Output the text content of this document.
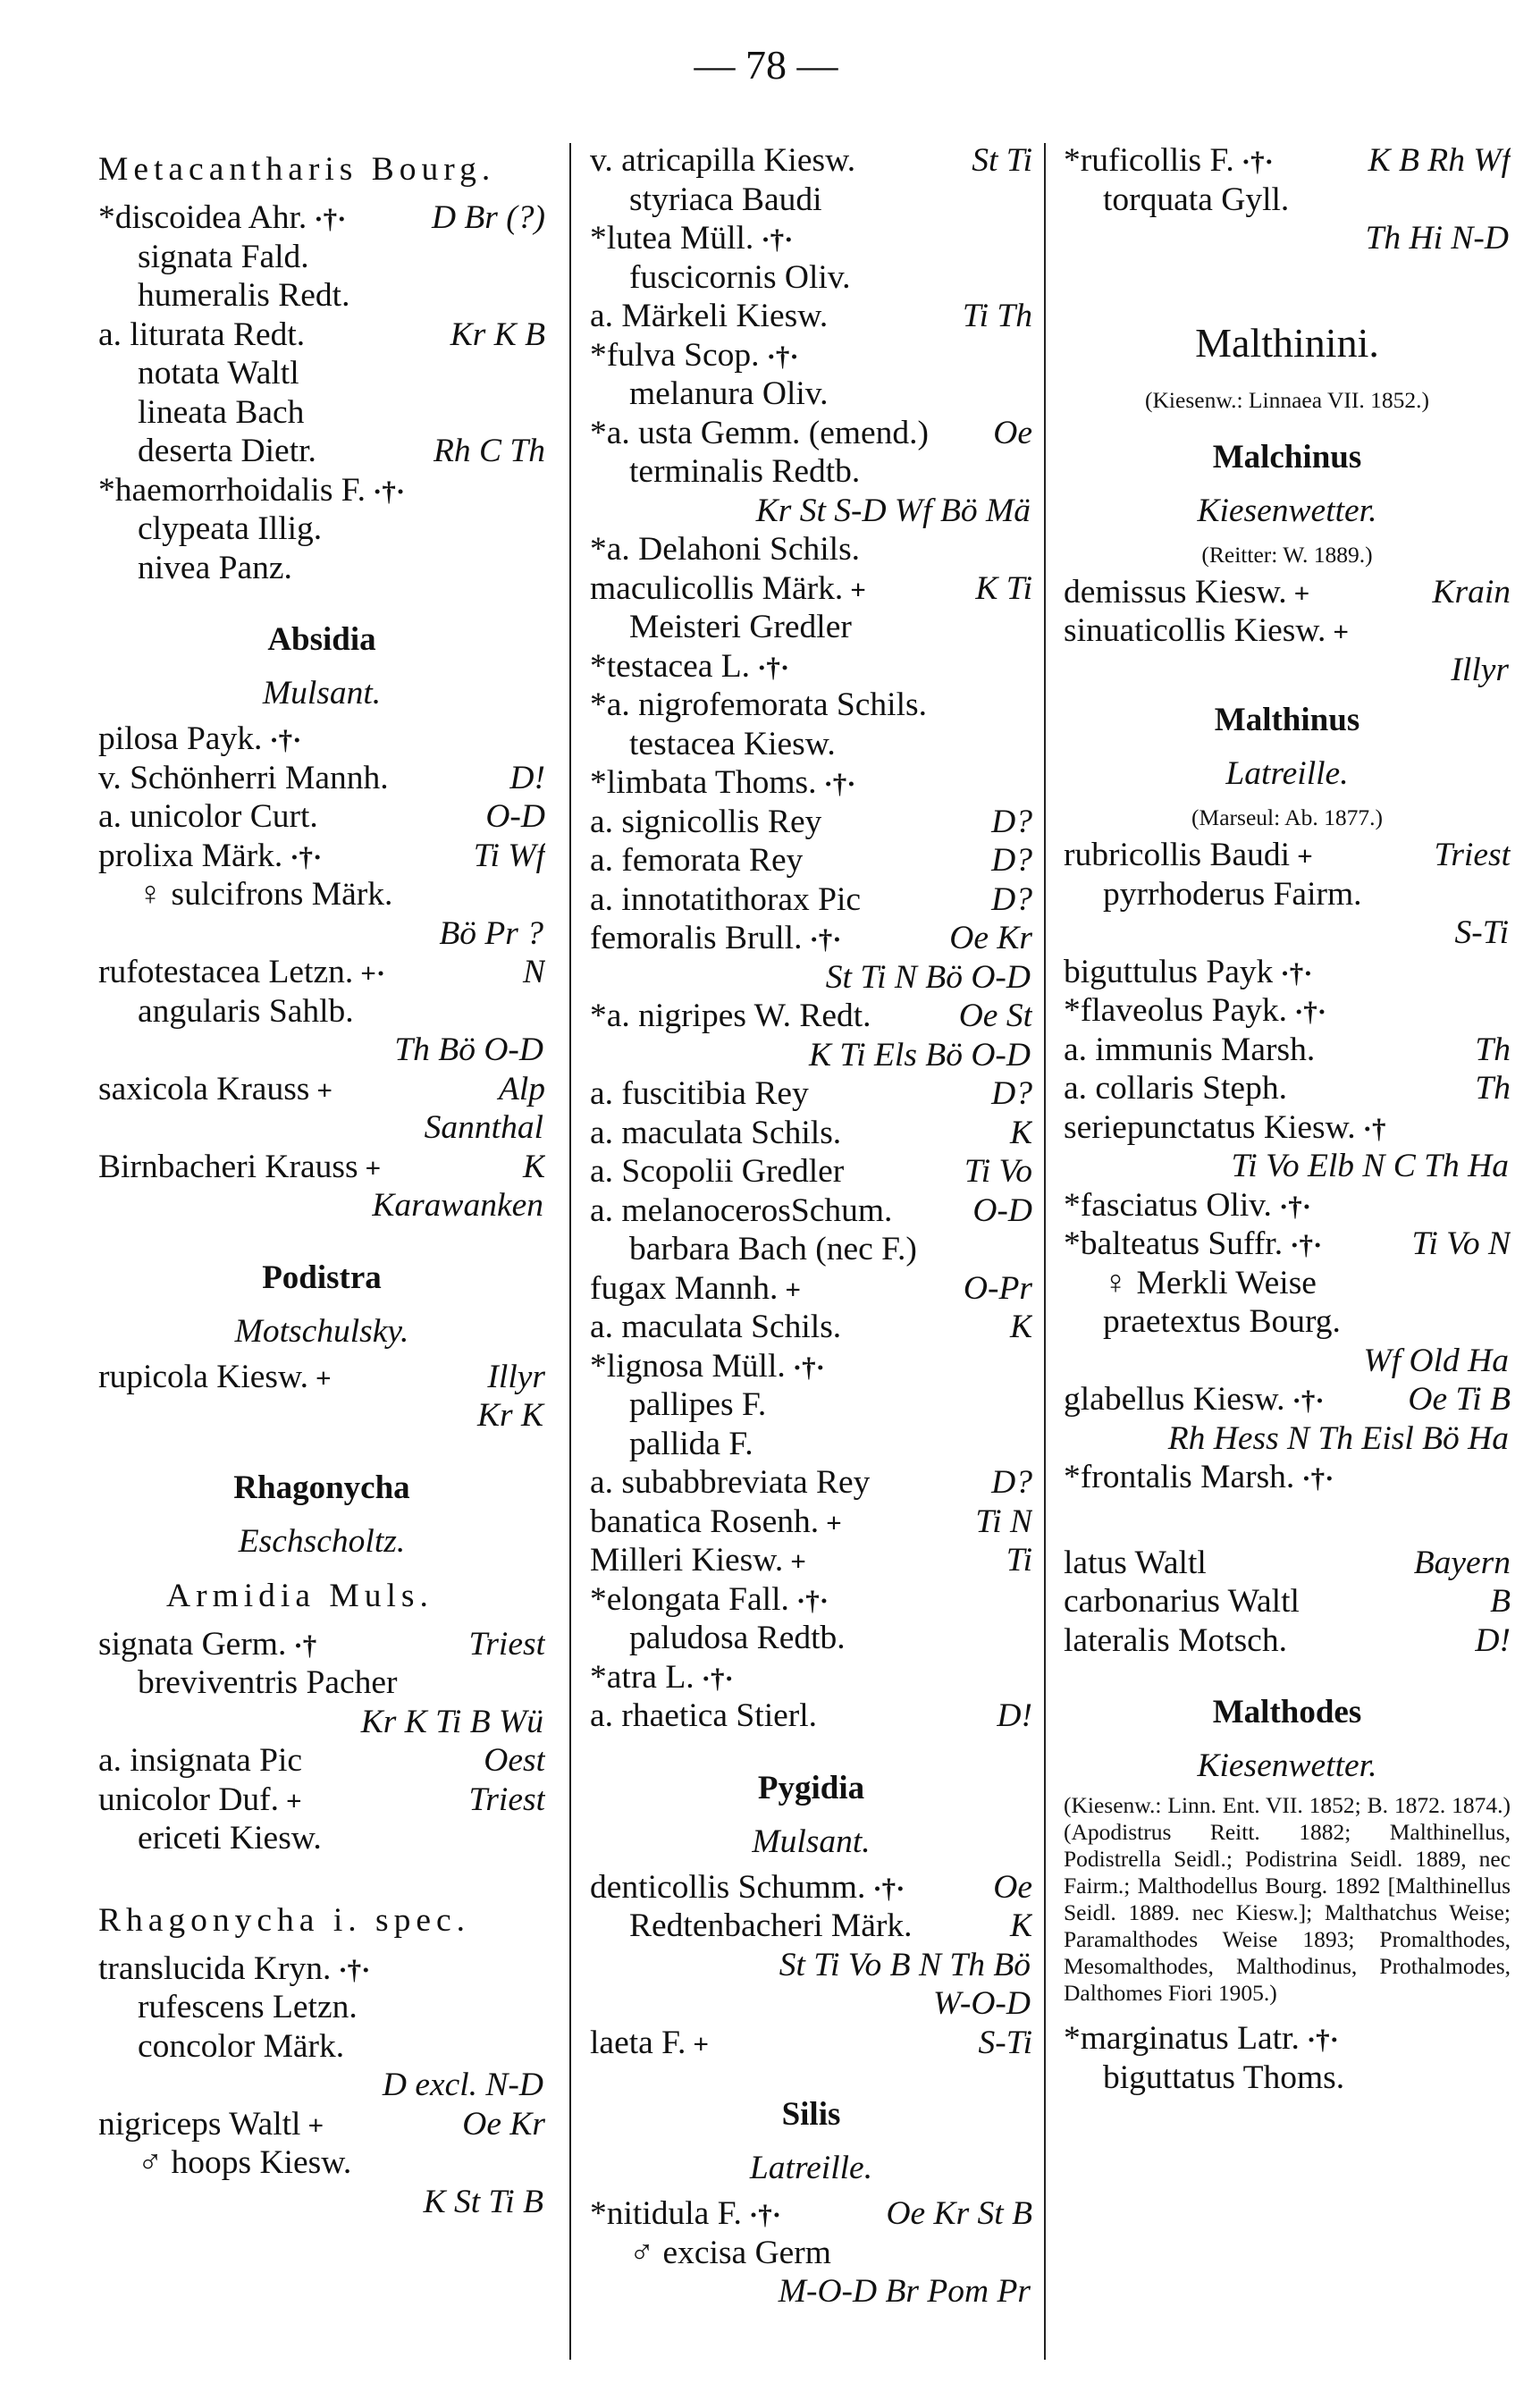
— 78 —
Metacantharis Bourg.
*discoidea Ahr. ·†·	D Br (?)
signata Fald.
humeralis Redt.
a. liturata Redt.	Kr K B
notata Waltl
lineata Bach
deserta Dietr.	Rh C Th
*haemorrhoidalis F. ·†·
clypeata Illig.
nivea Panz.
Absidia
Mulsant.
pilosa Payk. ·†·
v. Schönherri Mannh.	D!
a. unicolor Curt.	O-D
prolixa Märk. ·†·	Ti Wf
♀ sulcifrons Märk.
Bö Pr ?
rufotestacea Letzn. +·	N
angularis Sahlb.
Th Bö O-D
saxicola Krauss +	Alp
Sannthal
Birnbacheri Krauss +	K
Karawanken
Podistra
Motschulsky.
rupicola Kiesw. +	Illyr
Kr K
Rhagonycha
Eschscholtz.
Armidia Muls.
signata Germ. ·†	Triest
breviventris Pacher
Kr K Ti B Wü
a. insignata Pic	Oest
unicolor Duf. +	Triest
ericeti Kiesw.
Rhagonycha i. spec.
translucida Kryn. ·†·
rufescens Letzn.
concolor Märk.
D excl. N-D
nigriceps Waltl +	Oe Kr
♂ hoops Kiesw.
K St Ti B
v. atricapilla Kiesw.	St Ti
styriaca Baudi
*lutea Müll. ·†·
fuscicornis Oliv.
a. Märkeli Kiesw.	Ti Th
*fulva Scop. ·†·
melanura Oliv.
*a. usta Gemm. (emend.)	Oe
terminalis Redtb.
Kr St S-D Wf Bö Mä
*a. Delahoni Schils.
maculicollis Märk. +	K Ti
Meisteri Gredler
*testacea L. ·†·
*a. nigrofemorata Schils.
testacea Kiesw.
*limbata Thoms. ·†·
a. signicollis Rey	D?
a. femorata Rey	D?
a. innotatithorax Pic	D?
femoralis Brull. ·†·	Oe Kr
St Ti N Bö O-D
*a. nigripes W. Redt.	Oe St
K Ti Els Bö O-D
a. fuscitibia Rey	D?
a. maculata Schils.	K
a. Scopolii Gredler	Ti Vo
a. melanocerosSchum.	O-D
barbara Bach (nec F.)
fugax Mannh. +	O-Pr
a. maculata Schils.	K
*lignosa Müll. ·†·
pallipes F.
pallida F.
a. subabbreviata Rey	D?
banatica Rosenh. +	Ti N
Milleri Kiesw. +	Ti
*elongata Fall. ·†·
paludosa Redtb.
*atra L. ·†·
a. rhaetica Stierl.	D!
Pygidia
Mulsant.
denticollis Schumm. ·†·	Oe
Redtenbacheri Märk.	K
St Ti Vo B N Th Bö
W-O-D
laeta F. +	S-Ti
Silis
Latreille.
*nitidula F. ·†·	Oe Kr St B
♂ excisa Germ
M-O-D Br Pom Pr
*ruficollis F. ·†·	K B Rh Wf
torquata Gyll.
Th Hi N-D
Malthinini.
(Kiesenw.: Linnaea VII. 1852.)
Malchinus
Kiesenwetter.
(Reitter: W. 1889.)
demissus Kiesw. +	Krain
sinuaticollis Kiesw. +
Illyr
Malthinus
Latreille.
(Marseul: Ab. 1877.)
rubricollis Baudi +	Triest
pyrrhoderus Fairm.
S-Ti
biguttulus Payk ·†·
*flaveolus Payk. ·†·
a. immunis Marsh.	Th
a. collaris Steph.	Th
seriepunctatus Kiesw. ·†
Ti Vo Elb N C Th Ha
*fasciatus Oliv. ·†·
*balteatus Suffr. ·†·	Ti Vo N
♀ Merkli Weise
praetextus Bourg.
Wf Old Ha
glabellus Kiesw. ·†·	Oe Ti B
Rh Hess N Th Eisl Bö Ha
*frontalis Marsh. ·†·
latus Waltl	Bayern
carbonarius Waltl	B
lateralis Motsch.	D!
Malthodes
Kiesenwetter.
(Kiesenw.: Linn. Ent. VII. 1852; B. 1872. 1874.) (Apodistrus Reitt. 1882; Malthinellus, Podistrella Seidl.; Podistrina Seidl. 1889, nec Fairm.; Malthodellus Bourg. 1892 [Malthinellus Seidl. 1889. nec Kiesw.]; Malthatchus Weise; Paramalthodes Weise 1893; Promalthodes, Mesomalthodes, Malthodinus, Prothalmodes, Dalthomes Fiori 1905.)
*marginatus Latr. ·†·
biguttatus Thoms.
